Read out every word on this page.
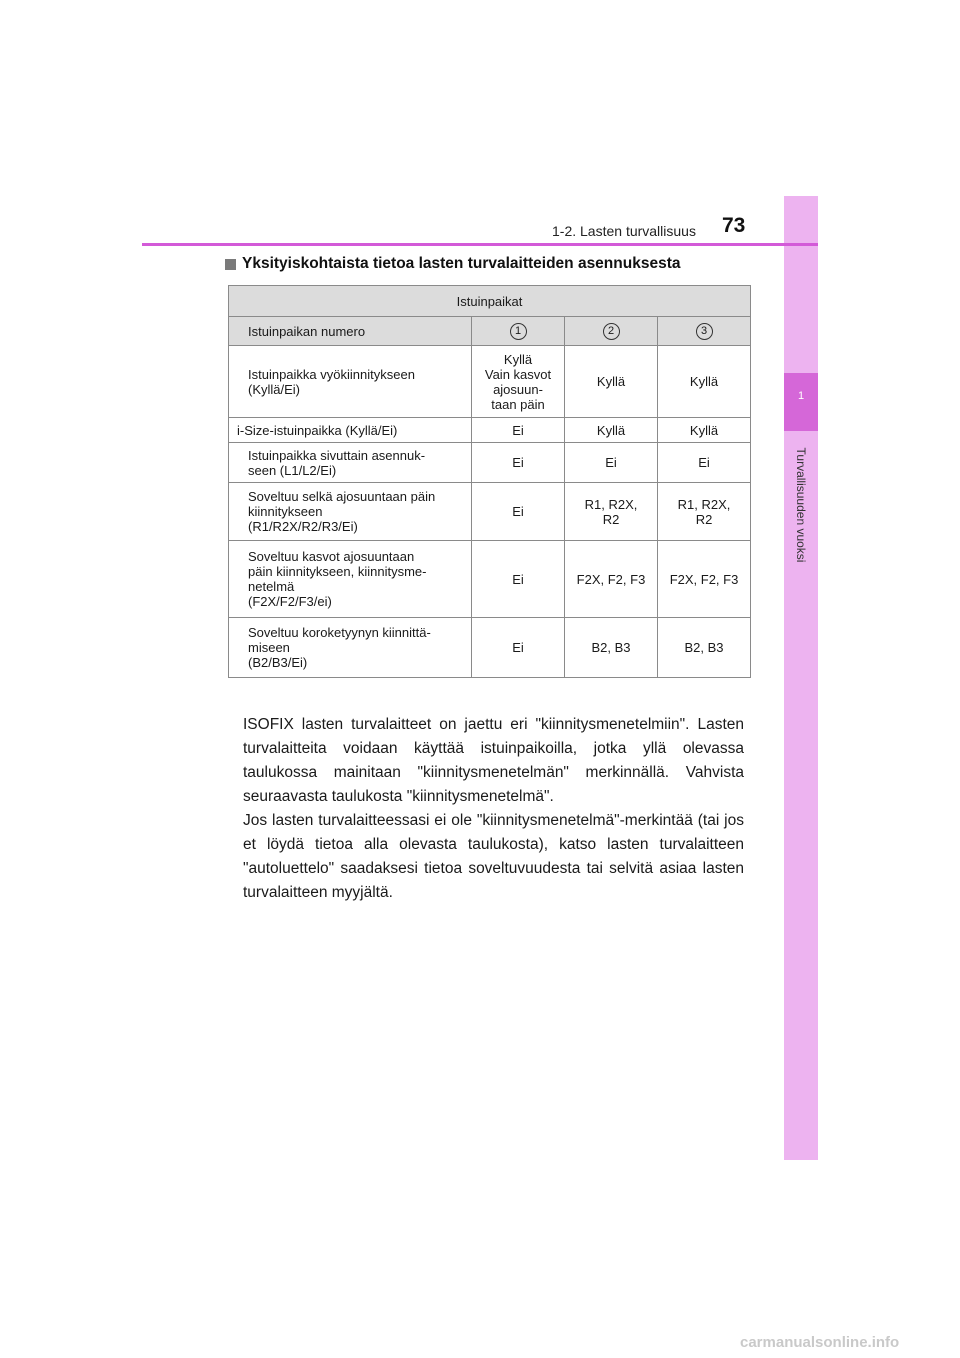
1
Turvallisuuden vuoksi
1-2. Lasten turvallisuus 73
Yksityiskohtaista tietoa lasten turvalaitteiden asennuksesta
Istuinpaikat			
Istuinpaikan numero	1	2	3
Istuinpaikka vyökiinnitykseen
(Kyllä/Ei)	Kyllä
Vain kasvot
ajosuun-
taan päin	Kyllä	Kyllä
i-Size-istuinpaikka (Kyllä/Ei)	Ei	Kyllä	Kyllä
Istuinpaikka sivuttain asennuk-
seen (L1/L2/Ei)	Ei	Ei	Ei
Soveltuu selkä ajosuuntaan päin
kiinnitykseen
(R1/R2X/R2/R3/Ei)	Ei	R1, R2X,
R2	R1, R2X,
R2
Soveltuu kasvot ajosuuntaan
päin kiinnitykseen, kiinnitysme-
netelmä
(F2X/F2/F3/ei)	Ei	F2X, F2, F3	F2X, F2, F3
Soveltuu koroketyynyn kiinnittä-
miseen
(B2/B3/Ei)	Ei	B2, B3	B2, B3

ISOFIX lasten turvalaitteet on jaettu eri "kiinnitysmenetelmiin". Lasten turvalaitteita voidaan käyttää istuinpaikoilla, jotka yllä olevassa taulukossa mainitaan "kiinnitysmenetelmän" merkinnällä. Vahvista seuraavasta taulukosta "kiinnitysmenetelmä".

Jos lasten turvalaitteessasi ei ole "kiinnitysmenetelmä"-merkintää (tai jos et löydä tietoa alla olevasta taulukosta), katso lasten turvalaitteen "autoluettelo" saadaksesi tietoa soveltuvuudesta tai selvitä asiaa lasten turvalaitteen myyjältä.

carmanualsonline.info
